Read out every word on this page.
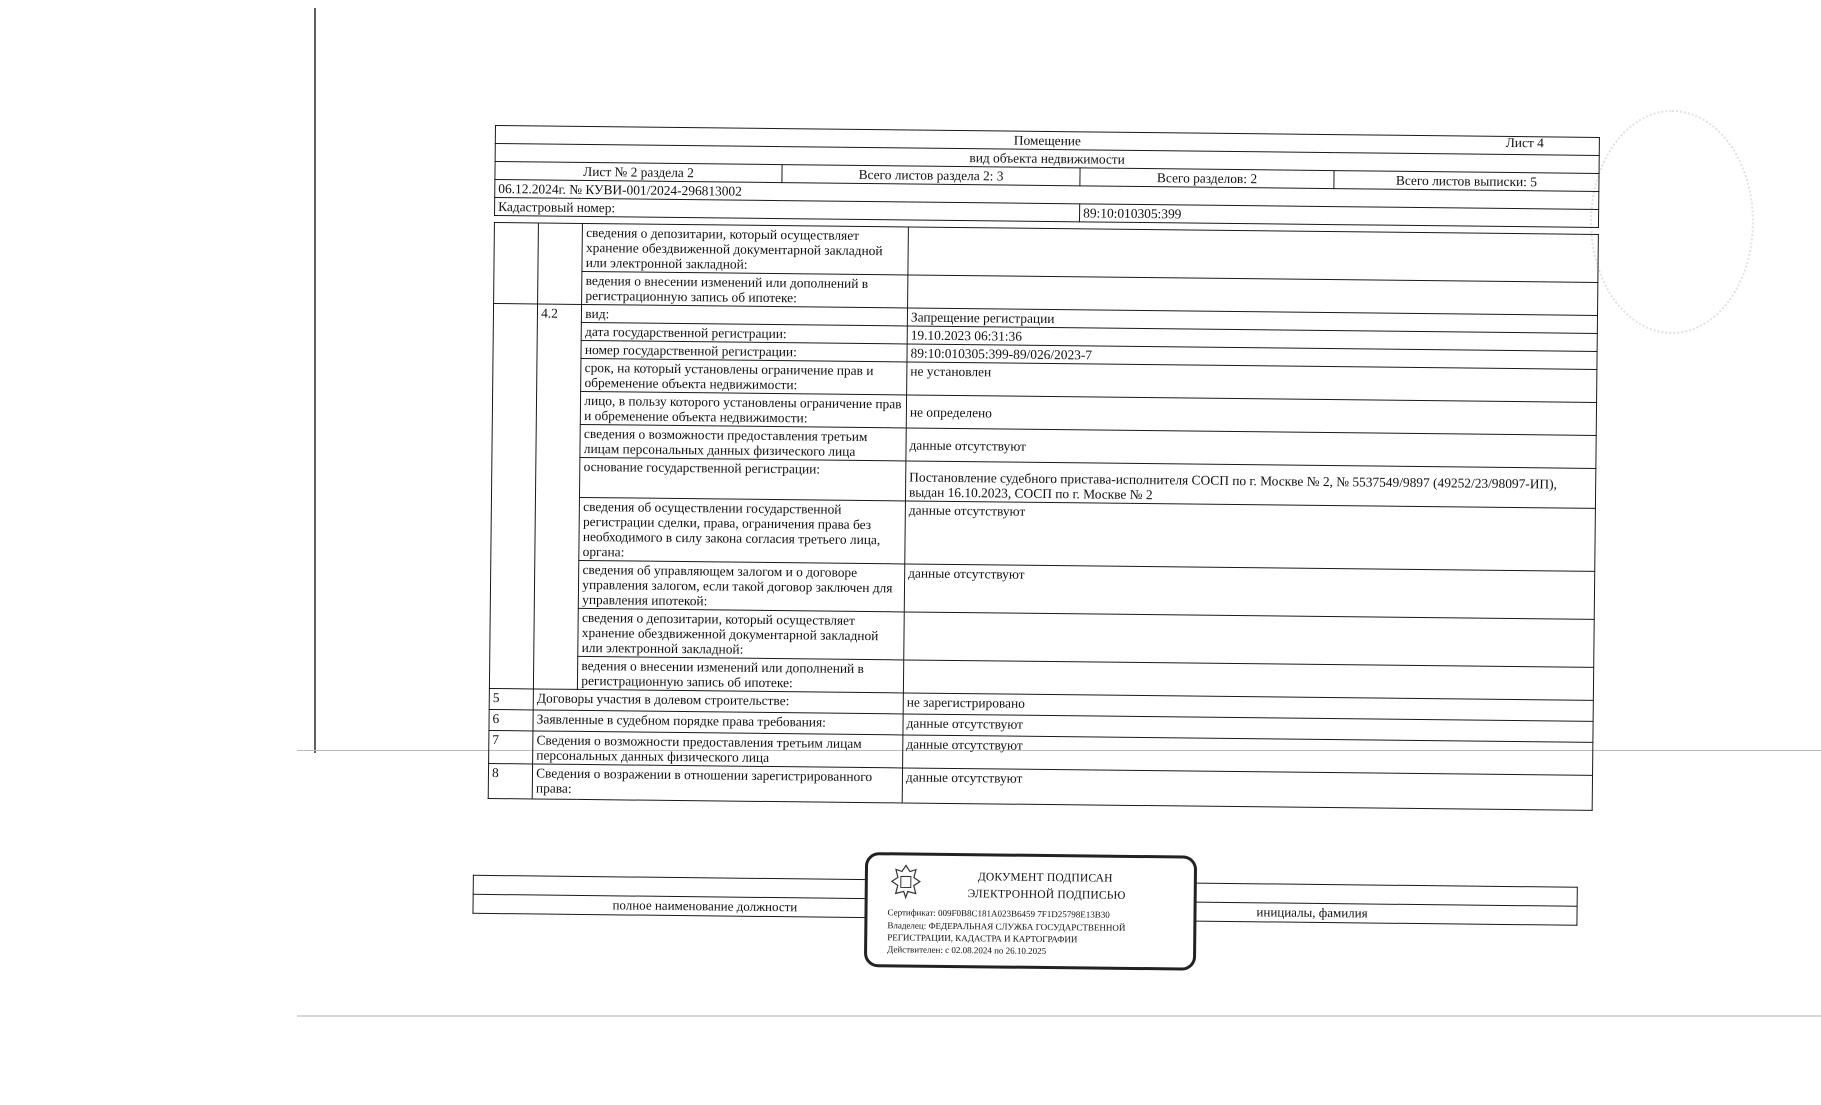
Помещение Лист 4			

вид объекта недвижимости			
Лист № 2 раздела 2	Всего листов раздела 2: 3	Всего разделов: 2	Всего листов выписки: 5
06.12.2024г. № КУВИ-001/2024-296813002			
Кадастровый номер:		89:10:010305:399	
		сведения о депозитарии, который осуществляет хранение обездвиженной документарной закладной или электронной закладной:	
		ведения о внесении изменений или дополнений в регистрационную запись об ипотеке:	
	4.2	вид:	Запрещение регистрации
		дата государственной регистрации:	19.10.2023 06:31:36
		номер государственной регистрации:	89:10:010305:399-89/026/2023-7
		срок, на который установлены ограничение прав и обременение объекта недвижимости:	не установлен
		лицо, в пользу которого установлены ограничение прав и обременение объекта недвижимости:	не определено
		сведения о возможности предоставления третьим лицам персональных данных физического лица	данные отсутствуют
		основание государственной регистрации:	Постановление судебного пристава-исполнителя СОСП по г. Москве № 2, № 5537549/9897 (49252/23/98097-ИП), выдан 16.10.2023, СОСП по г. Москве № 2
		сведения об осуществлении государственной регистрации сделки, права, ограничения права без необходимого в силу закона согласия третьего лица, органа:	данные отсутствуют
		сведения об управляющем залогом и о договоре управления залогом, если такой договор заключен для управления ипотекой:	данные отсутствуют
		сведения о депозитарии, который осуществляет хранение обездвиженной документарной закладной или электронной закладной:	
		ведения о внесении изменений или дополнений в регистрационную запись об ипотеке:	
5	Договоры участия в долевом строительстве:		не зарегистрировано
6	Заявленные в судебном порядке права требования:		данные отсутствуют
7	Сведения о возможности предоставления третьим лицам персональных данных физического лица		данные отсутствуют
8	Сведения о возражении в отношении зарегистрированного права:		данные отсутствуют

полное наименование должности		инициалы, фамилия
ДОКУМЕНТ ПОДПИСАН
ЭЛЕКТРОННОЙ ПОДПИСЬЮ
Сертификат: 009F0B8C181A023B6459 7F1D25798E13B30
Владелец: ФЕДЕРАЛЬНАЯ СЛУЖБА ГОСУДАРСТВЕННОЙ
РЕГИСТРАЦИИ, КАДАСТРА И КАРТОГРАФИИ
Действителен: с 02.08.2024 по 26.10.2025
